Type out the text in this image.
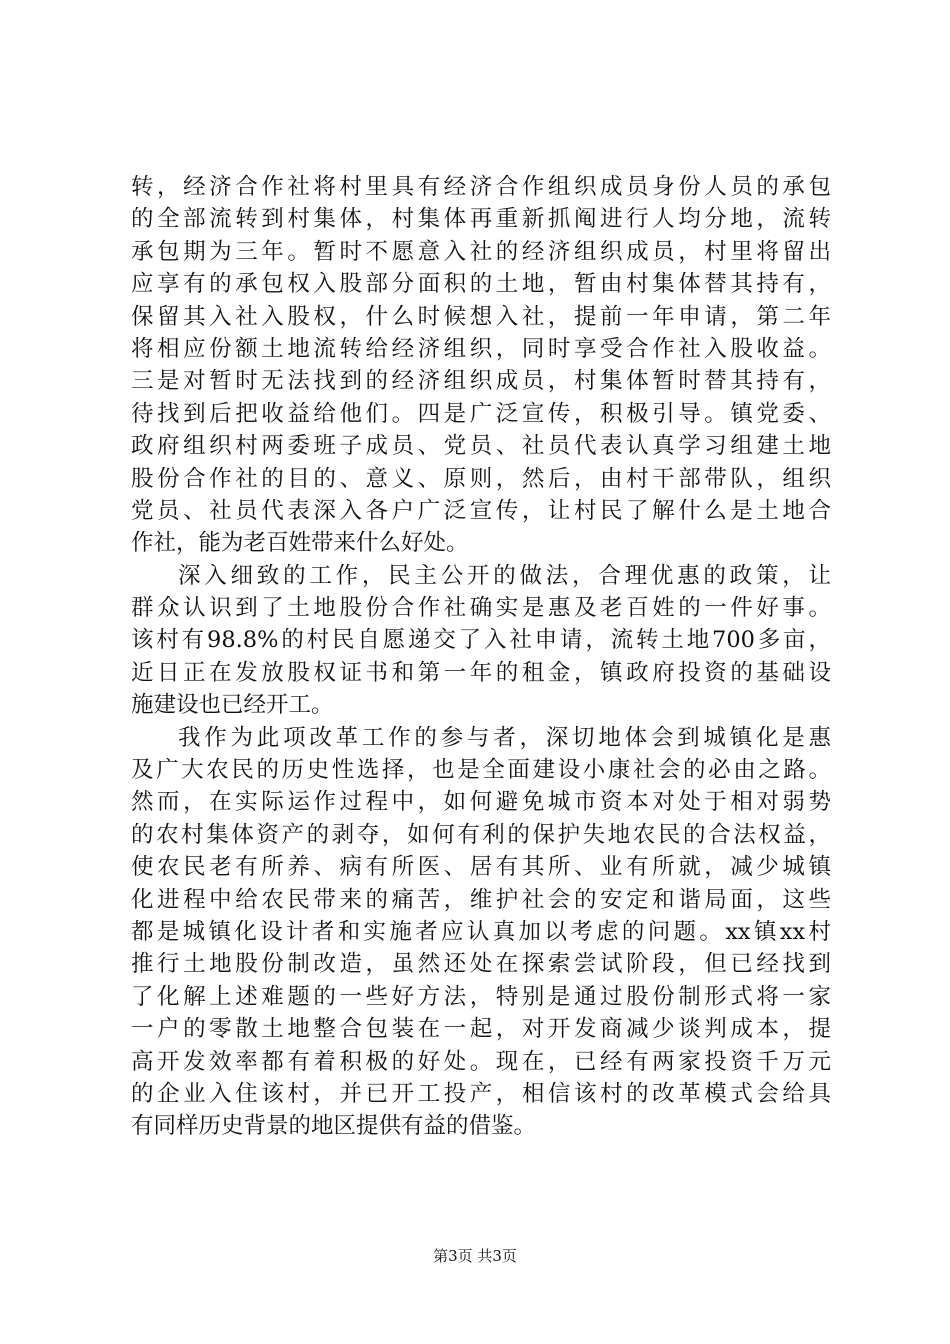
转，经济合作社将村里具有经济合作组织成员身份人员的承包
的全部流转到村集体，村集体再重新抓阄进行人均分地，流转
承包期为三年。暂时不愿意入社的经济组织成员，村里将留出
应享有的承包权入股部分面积的土地，暂由村集体替其持有，
保留其入社入股权，什么时候想入社，提前一年申请，第二年
将相应份额土地流转给经济组织，同时享受合作社入股收益。
三是对暂时无法找到的经济组织成员，村集体暂时替其持有，
待找到后把收益给他们。四是广泛宣传，积极引导。镇党委、
政府组织村两委班子成员、党员、社员代表认真学习组建土地
股份合作社的目的、意义、原则，然后，由村干部带队，组织
党员、社员代表深入各户广泛宣传，让村民了解什么是土地合
作社，能为老百姓带来什么好处。
深入细致的工作，民主公开的做法，合理优惠的政策，让
群众认识到了土地股份合作社确实是惠及老百姓的一件好事。
该村有98.8%的村民自愿递交了入社申请，流转土地700多亩，
近日正在发放股权证书和第一年的租金，镇政府投资的基础设
施建设也已经开工。
我作为此项改革工作的参与者，深切地体会到城镇化是惠
及广大农民的历史性选择，也是全面建设小康社会的必由之路。
然而，在实际运作过程中，如何避免城市资本对处于相对弱势
的农村集体资产的剥夺，如何有利的保护失地农民的合法权益，
使农民老有所养、病有所医、居有其所、业有所就，减少城镇
化进程中给农民带来的痛苦，维护社会的安定和谐局面，这些
都是城镇化设计者和实施者应认真加以考虑的问题。xx镇xx村
推行土地股份制改造，虽然还处在探索尝试阶段，但已经找到
了化解上述难题的一些好方法，特别是通过股份制形式将一家
一户的零散土地整合包装在一起，对开发商减少谈判成本，提
高开发效率都有着积极的好处。现在，已经有两家投资千万元
的企业入住该村，并已开工投产，相信该村的改革模式会给具
有同样历史背景的地区提供有益的借鉴。
第3页 共3页
